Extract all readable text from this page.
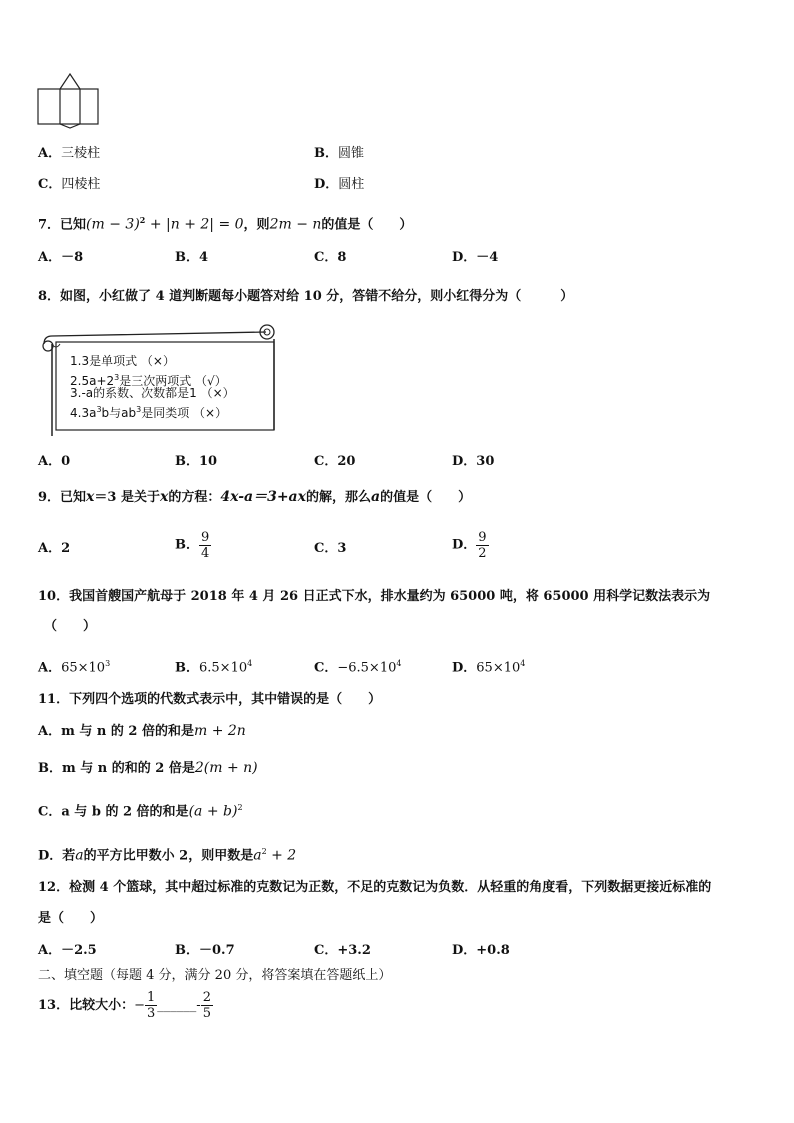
A．三棱柱	B．圆锥
C．四棱柱	D．圆柱
7．已知$(m - 3)^2 + |n + 2| = 0$，则2m − n的值是（　　）
A．－8	B．4	C．8	D．－4
8．如图，小红做了 4 道判断题每小题答对给 10 分，答错不给分，则小红得分为（　　　）
1.3是单项式 （×）
$2.5a+2^3$是三次两项式 （√）
3.-a的系数、次数都是1 （×）
$4.3a^3b$与$ab^3$是同类项 （×）
A．0	B．10	C．20	D．30
9．已知x＝3 是关于x的方程：4x-a＝3+ax的解，那么a的值是（　　）
A．2	B． $\frac{9}{4}$	C．3	D． $\frac{9}{2}$
10．我国首艘国产航母于 2018 年 4 月 26 日正式下水，排水量约为 65000 吨，将 65000 用科学记数法表示为
（　　）
A．$65\times 10^3$	B．$6.5\times 10^4$	C．$-6.5\times 10^4$	D．$65\times 10^4$
11．下列四个选项的代数式表示中，其中错误的是（　　）
A．m 与 n 的 2 倍的和是m + 2n
B．m 与 n 的和的 2 倍是2(m + n)
C．a 与 b 的 2 倍的和是$(a + b)^2$
D．若a的平方比甲数小 2，则甲数是$a^2 + 2$
12．检测 4 个篮球，其中超过标准的克数记为正数，不足的克数记为负数．从轻重的角度看，下列数据更接近标准的
是（　　）
A．－2.5	B．－0.7	C．+3.2	D．+0.8
二、填空题（每题 4 分，满分 20 分，将答案填在答题纸上）
13．比较大小： − $\frac{1}{3}$ ______ - $\frac{2}{5}$
